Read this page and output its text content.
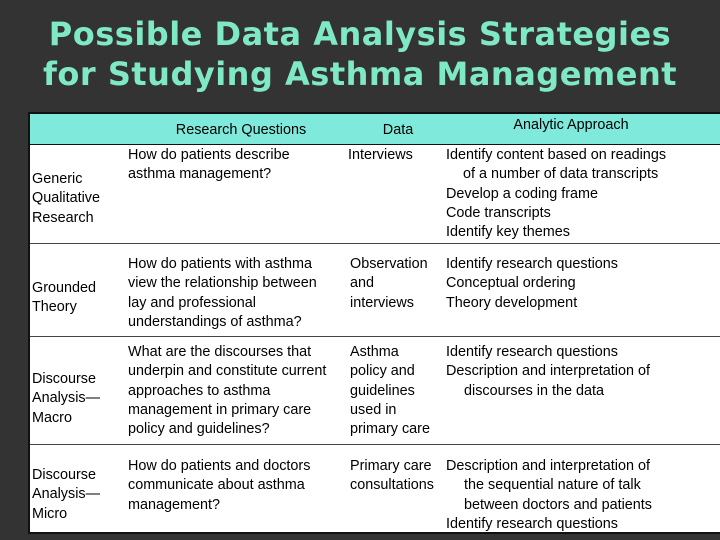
Possible Data Analysis Strategies
for Studying Asthma Management
Research Questions	Data	Analytic Approach
Generic
Qualitative
Research
How do patients describe
asthma management?
Interviews Identify content based on readings
of a number of data transcripts
Develop a coding frame
Code transcripts
Identify key themes
Grounded
Theory
How do patients with asthma
view the relationship between
lay and professional
understandings of asthma?
Observation
and
interviews
Identify research questions
Conceptual ordering
Theory development
Discourse
Analysis—
Macro
What are the discourses that
underpin and constitute current
approaches to asthma
management in primary care
policy and guidelines?
Asthma
policy and
guidelines
used in
primary care
Identify research questions
Description and interpretation of
discourses in the data
Discourse
Analysis—
Micro
How do patients and doctors
communicate about asthma
management?
Primary care
consultations
Description and interpretation of
the sequential nature of talk
between doctors and patients
Identify research questions
